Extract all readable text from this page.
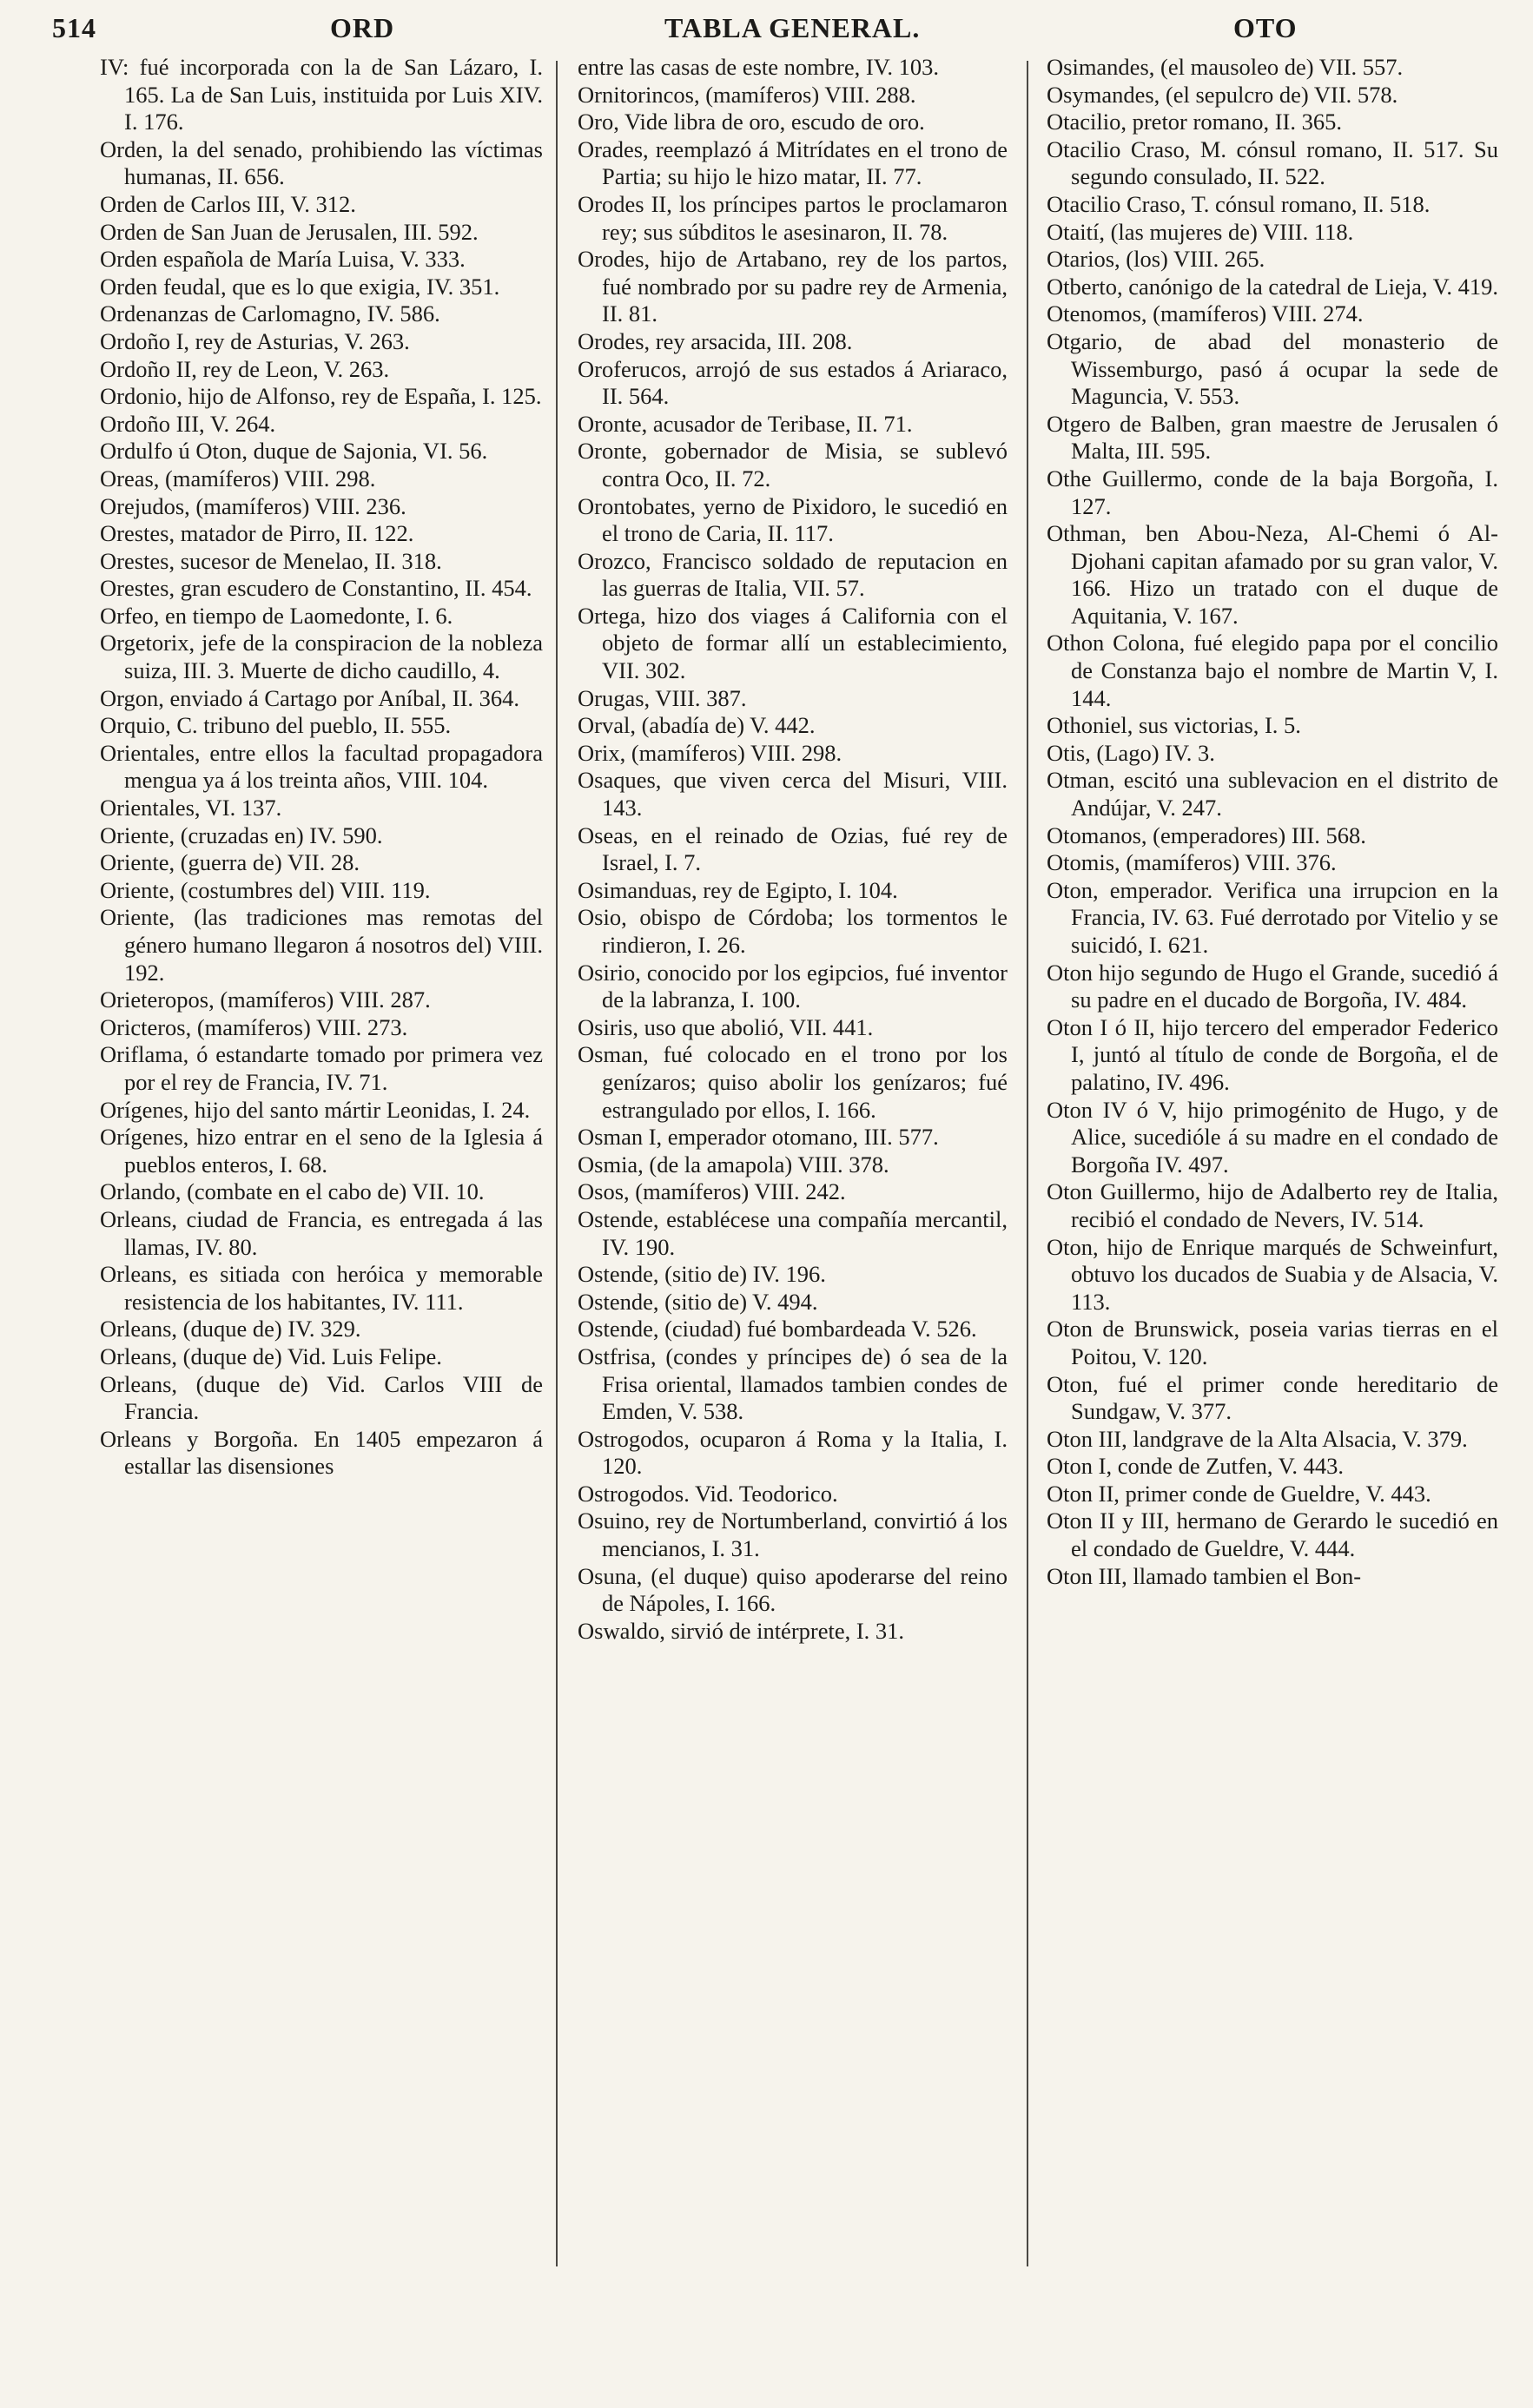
514	ORD	TABLA GENERAL.	OTO

IV: fué incorporada con la de San Lázaro, I. 165. La de San Luis, instituida por Luis XIV. I. 176.

Orden, la del senado, prohibiendo las víctimas humanas, II. 656.

Orden de Carlos III, V. 312.

Orden de San Juan de Jerusalen, III. 592.

Orden española de María Luisa, V. 333.

Orden feudal, que es lo que exigia, IV. 351.

Ordenanzas de Carlomagno, IV. 586.

Ordoño I, rey de Asturias, V. 263.

Ordoño II, rey de Leon, V. 263.

Ordonio, hijo de Alfonso, rey de España, I. 125.

Ordoño III, V. 264.

Ordulfo ú Oton, duque de Sajonia, VI. 56.

Oreas, (mamíferos) VIII. 298.

Orejudos, (mamíferos) VIII. 236.

Orestes, matador de Pirro, II. 122.

Orestes, sucesor de Menelao, II. 318.

Orestes, gran escudero de Constantino, II. 454.

Orfeo, en tiempo de Laomedonte, I. 6.

Orgetorix, jefe de la conspiracion de la nobleza suiza, III. 3. Muerte de dicho caudillo, 4.

Orgon, enviado á Cartago por Aníbal, II. 364.

Orquio, C. tribuno del pueblo, II. 555.

Orientales, entre ellos la facultad propagadora mengua ya á los treinta años, VIII. 104.

Orientales, VI. 137.

Oriente, (cruzadas en) IV. 590.

Oriente, (guerra de) VII. 28.

Oriente, (costumbres del) VIII. 119.

Oriente, (las tradiciones mas remotas del género humano llegaron á nosotros del) VIII. 192.

Orieteropos, (mamíferos) VIII. 287.

Oricteros, (mamíferos) VIII. 273.

Oriflama, ó estandarte tomado por primera vez por el rey de Francia, IV. 71.

Orígenes, hijo del santo mártir Leonidas, I. 24.

Orígenes, hizo entrar en el seno de la Iglesia á pueblos enteros, I. 68.

Orlando, (combate en el cabo de) VII. 10.

Orleans, ciudad de Francia, es entregada á las llamas, IV. 80.

Orleans, es sitiada con heróica y memorable resistencia de los habitantes, IV. 111.

Orleans, (duque de) IV. 329.

Orleans, (duque de) Vid. Luis Felipe.

Orleans, (duque de) Vid. Carlos VIII de Francia.

Orleans y Borgoña. En 1405 empezaron á estallar las disensiones

entre las casas de este nombre, IV. 103.

Ornitorincos, (mamíferos) VIII. 288.

Oro, Vide libra de oro, escudo de oro.

Orades, reemplazó á Mitrídates en el trono de Partia; su hijo le hizo matar, II. 77.

Orodes II, los príncipes partos le proclamaron rey; sus súbditos le asesinaron, II. 78.

Orodes, hijo de Artabano, rey de los partos, fué nombrado por su padre rey de Armenia, II. 81.

Orodes, rey arsacida, III. 208.

Oroferucos, arrojó de sus estados á Ariaraco, II. 564.

Oronte, acusador de Teribase, II. 71.

Oronte, gobernador de Misia, se sublevó contra Oco, II. 72.

Orontobates, yerno de Pixidoro, le sucedió en el trono de Caria, II. 117.

Orozco, Francisco soldado de reputacion en las guerras de Italia, VII. 57.

Ortega, hizo dos viages á California con el objeto de formar allí un establecimiento, VII. 302.

Orugas, VIII. 387.

Orval, (abadía de) V. 442.

Orix, (mamíferos) VIII. 298.

Osaques, que viven cerca del Misuri, VIII. 143.

Oseas, en el reinado de Ozias, fué rey de Israel, I. 7.

Osimanduas, rey de Egipto, I. 104.

Osio, obispo de Córdoba; los tormentos le rindieron, I. 26.

Osirio, conocido por los egipcios, fué inventor de la labranza, I. 100.

Osiris, uso que abolió, VII. 441.

Osman, fué colocado en el trono por los genízaros; quiso abolir los genízaros; fué estrangulado por ellos, I. 166.

Osman I, emperador otomano, III. 577.

Osmia, (de la amapola) VIII. 378.

Osos, (mamíferos) VIII. 242.

Ostende, establécese una compañía mercantil, IV. 190.

Ostende, (sitio de) IV. 196.

Ostende, (sitio de) V. 494.

Ostende, (ciudad) fué bombardeada V. 526.

Ostfrisa, (condes y príncipes de) ó sea de la Frisa oriental, llamados tambien condes de Emden, V. 538.

Ostrogodos, ocuparon á Roma y la Italia, I. 120.

Ostrogodos. Vid. Teodorico.

Osuino, rey de Nortumberland, convirtió á los mencianos, I. 31.

Osuna, (el duque) quiso apoderarse del reino de Nápoles, I. 166.

Oswaldo, sirvió de intérprete, I. 31.

Osimandes, (el mausoleo de) VII. 557.

Osymandes, (el sepulcro de) VII. 578.

Otacilio, pretor romano, II. 365.

Otacilio Craso, M. cónsul romano, II. 517. Su segundo consulado, II. 522.

Otacilio Craso, T. cónsul romano, II. 518.

Otaití, (las mujeres de) VIII. 118.

Otarios, (los) VIII. 265.

Otberto, canónigo de la catedral de Lieja, V. 419.

Otenomos, (mamíferos) VIII. 274.

Otgario, de abad del monasterio de Wissemburgo, pasó á ocupar la sede de Maguncia, V. 553.

Otgero de Balben, gran maestre de Jerusalen ó Malta, III. 595.

Othe Guillermo, conde de la baja Borgoña, I. 127.

Othman, ben Abou-Neza, Al-Chemi ó Al-Djohani capitan afamado por su gran valor, V. 166. Hizo un tratado con el duque de Aquitania, V. 167.

Othon Colona, fué elegido papa por el concilio de Constanza bajo el nombre de Martin V, I. 144.

Othoniel, sus victorias, I. 5.

Otis, (Lago) IV. 3.

Otman, escitó una sublevacion en el distrito de Andújar, V. 247.

Otomanos, (emperadores) III. 568.

Otomis, (mamíferos) VIII. 376.

Oton, emperador. Verifica una irrupcion en la Francia, IV. 63. Fué derrotado por Vitelio y se suicidó, I. 621.

Oton hijo segundo de Hugo el Grande, sucedió á su padre en el ducado de Borgoña, IV. 484.

Oton I ó II, hijo tercero del emperador Federico I, juntó al título de conde de Borgoña, el de palatino, IV. 496.

Oton IV ó V, hijo primogénito de Hugo, y de Alice, sucedióle á su madre en el condado de Borgoña IV. 497.

Oton Guillermo, hijo de Adalberto rey de Italia, recibió el condado de Nevers, IV. 514.

Oton, hijo de Enrique marqués de Schweinfurt, obtuvo los ducados de Suabia y de Alsacia, V. 113.

Oton de Brunswick, poseia varias tierras en el Poitou, V. 120.

Oton, fué el primer conde hereditario de Sundgaw, V. 377.

Oton III, landgrave de la Alta Alsacia, V. 379.

Oton I, conde de Zutfen, V. 443.

Oton II, primer conde de Gueldre, V. 443.

Oton II y III, hermano de Gerardo le sucedió en el condado de Gueldre, V. 444.

Oton III, llamado tambien el Bon-
